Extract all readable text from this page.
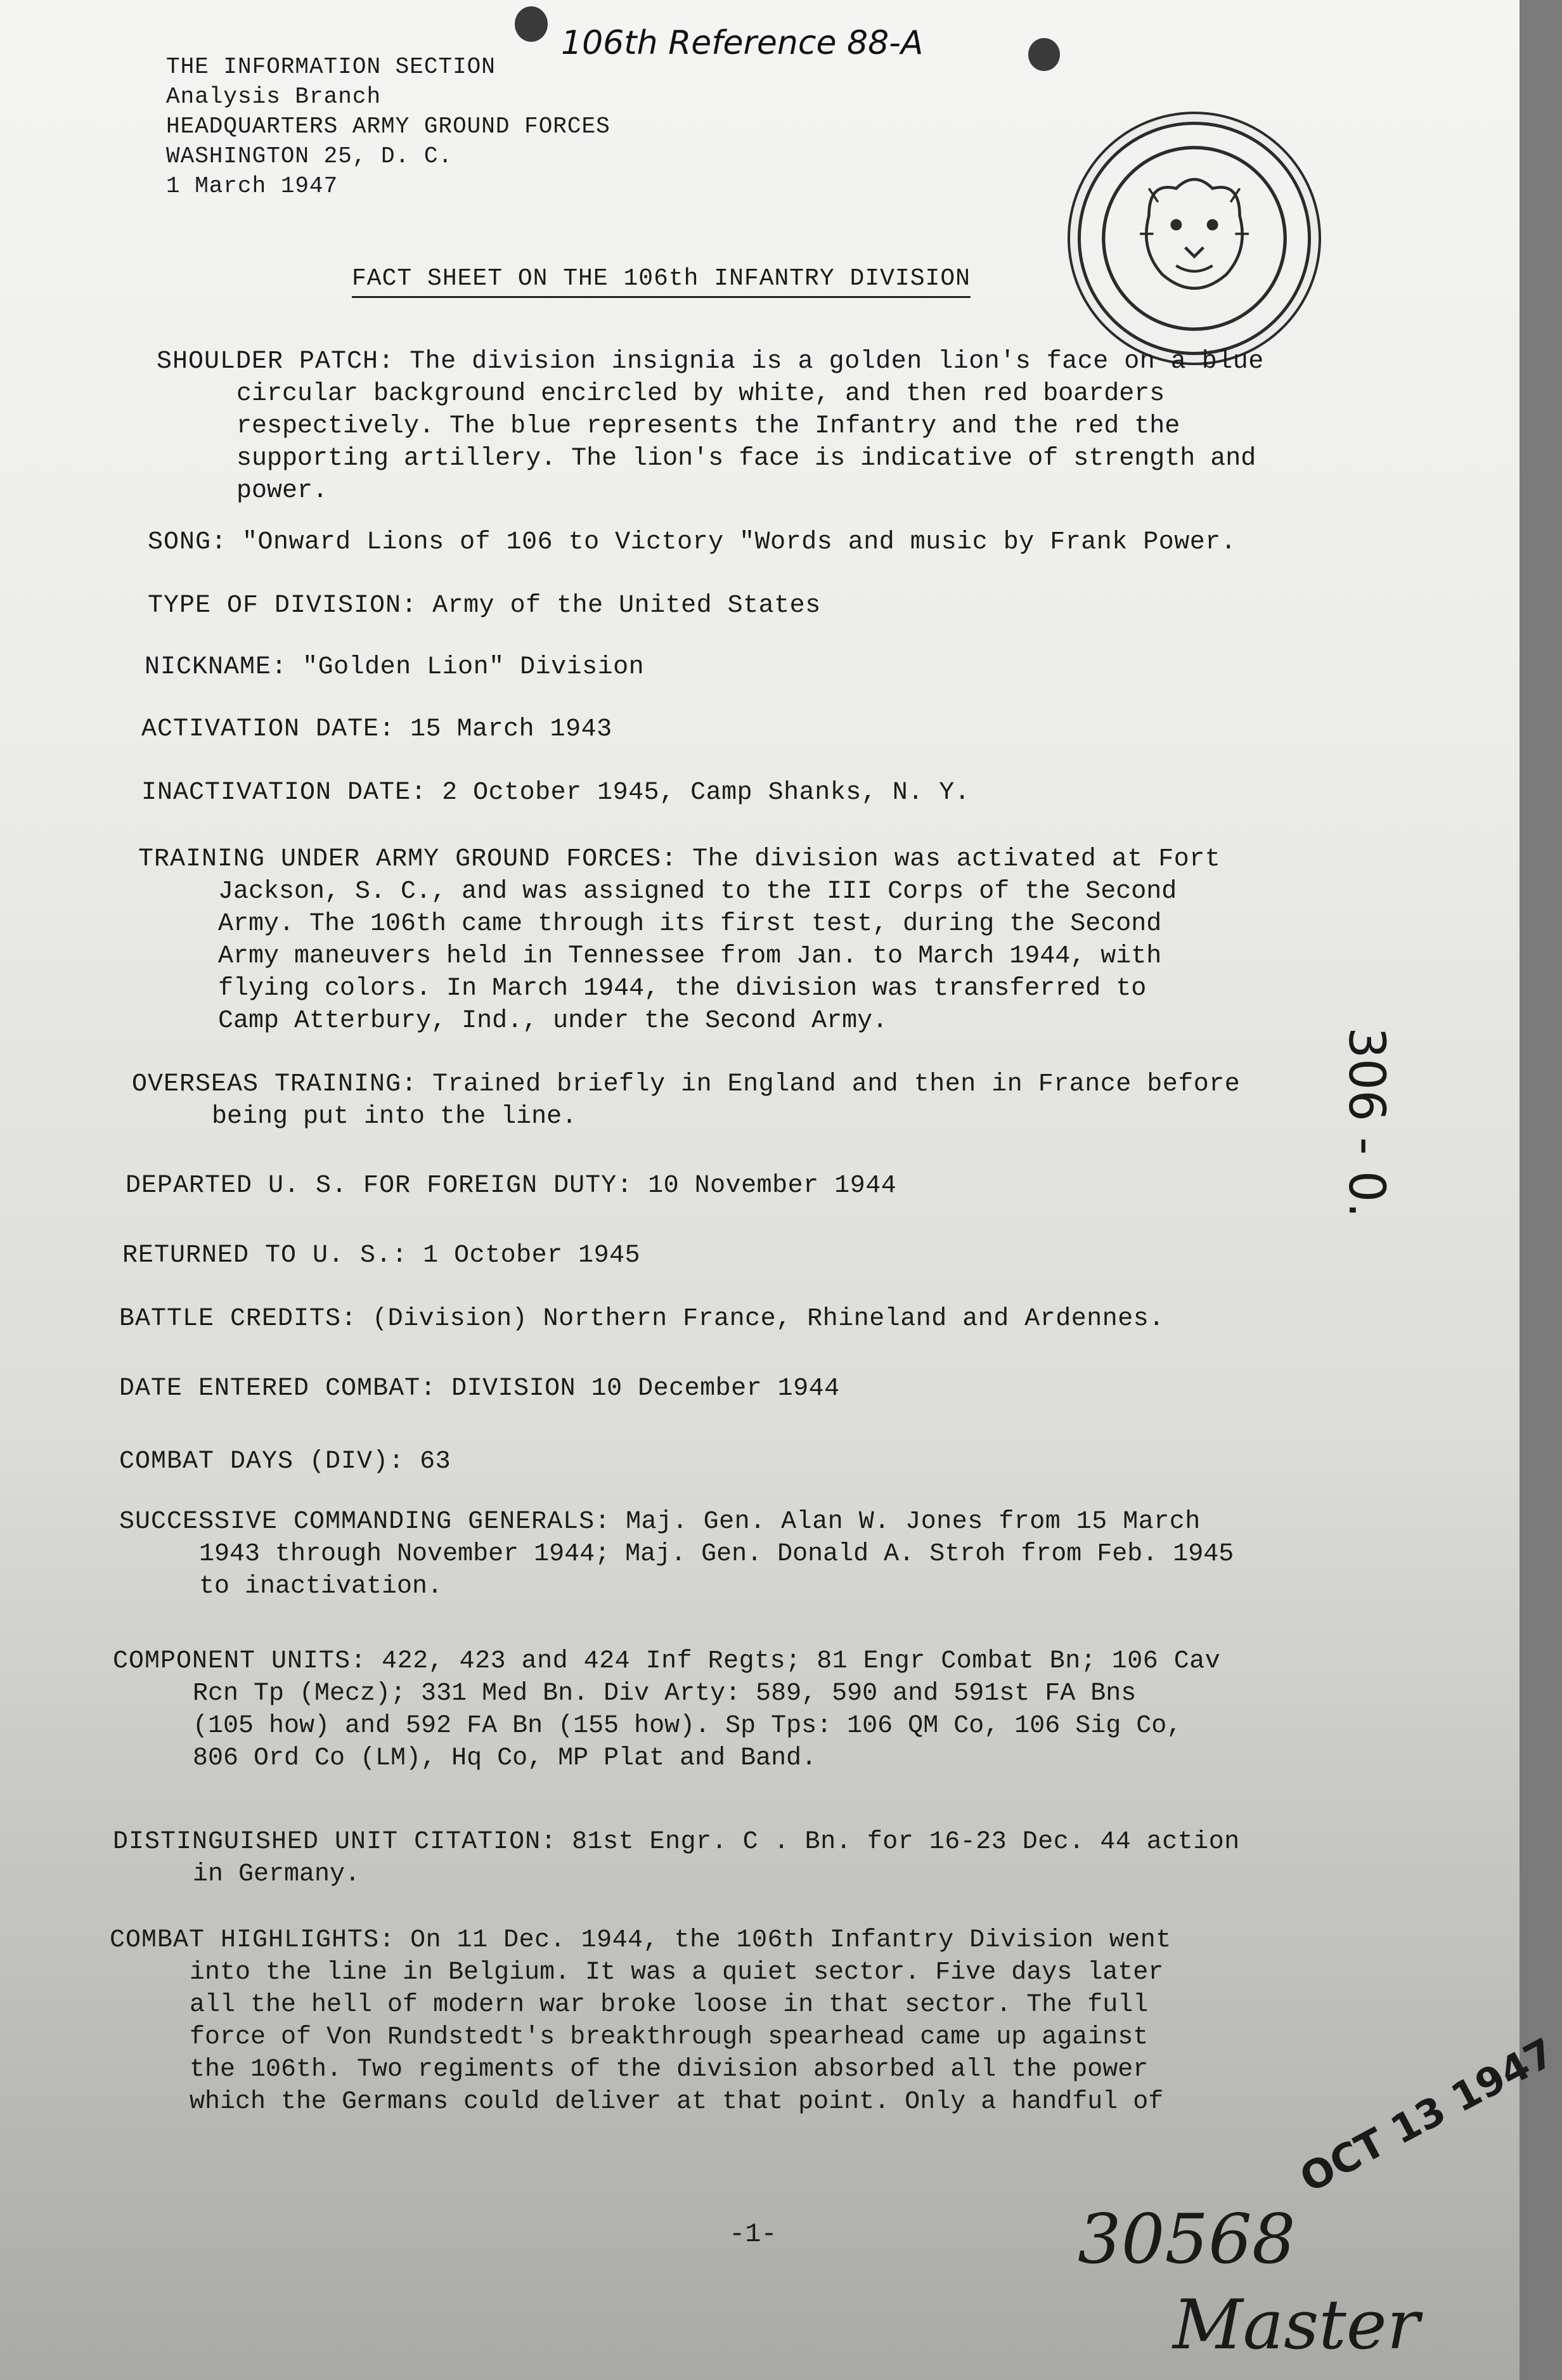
106th Reference 88-A
THE INFORMATION SECTION
Analysis Branch
HEADQUARTERS ARMY GROUND FORCES
WASHINGTON 25, D. C.
1 March 1947
FACT SHEET ON THE 106th INFANTRY DIVISION

SHOULDER PATCH: The division insignia is a golden lion's face on a blue

circular background encircled by white, and then red boarders

respectively. The blue represents the Infantry and the red the

supporting artillery. The lion's face is indicative of strength and

power.

SONG: "Onward Lions of 106 to Victory "Words and music by Frank Power.

TYPE OF DIVISION: Army of the United States

NICKNAME: "Golden Lion" Division

ACTIVATION DATE: 15 March 1943

INACTIVATION DATE: 2 October 1945, Camp Shanks, N. Y.

TRAINING UNDER ARMY GROUND FORCES: The division was activated at Fort

Jackson, S. C., and was assigned to the III Corps of the Second

Army. The 106th came through its first test, during the Second

Army maneuvers held in Tennessee from Jan. to March 1944, with

flying colors. In March 1944, the division was transferred to

Camp Atterbury, Ind., under the Second Army.

OVERSEAS TRAINING: Trained briefly in England and then in France before

being put into the line.

DEPARTED U. S. FOR FOREIGN DUTY: 10 November 1944

RETURNED TO U. S.: 1 October 1945

BATTLE CREDITS: (Division) Northern France, Rhineland and Ardennes.

DATE ENTERED COMBAT: DIVISION 10 December 1944

COMBAT DAYS (DIV): 63

SUCCESSIVE COMMANDING GENERALS: Maj. Gen. Alan W. Jones from 15 March

1943 through November 1944; Maj. Gen. Donald A. Stroh from Feb. 1945

to inactivation.

COMPONENT UNITS: 422, 423 and 424 Inf Regts; 81 Engr Combat Bn; 106 Cav

Rcn Tp (Mecz); 331 Med Bn. Div Arty: 589, 590 and 591st FA Bns

(105 how) and 592 FA Bn (155 how). Sp Tps: 106 QM Co, 106 Sig Co,

806 Ord Co (LM), Hq Co, MP Plat and Band.

DISTINGUISHED UNIT CITATION: 81st Engr. C . Bn. for 16-23 Dec. 44 action

in Germany.

COMBAT HIGHLIGHTS: On 11 Dec. 1944, the 106th Infantry Division went

into the line in Belgium. It was a quiet sector. Five days later

all the hell of modern war broke loose in that sector. The full

force of Von Rundstedt's breakthrough spearhead came up against

the 106th. Two regiments of the division absorbed all the power

which the Germans could deliver at that point. Only a handful of

-1-
306 - 0.
OCT 13 1947
30568
Master
